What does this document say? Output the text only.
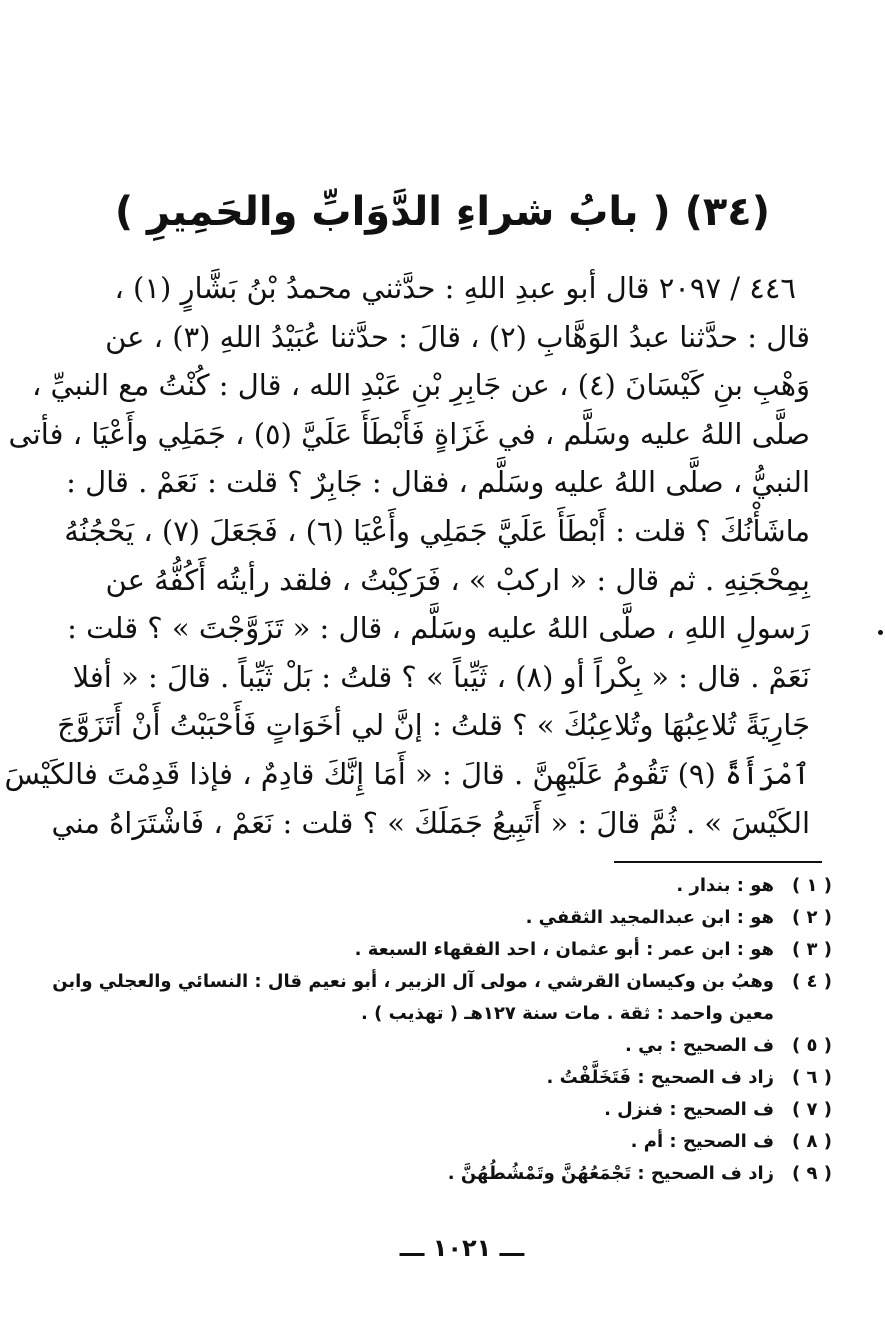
(٣٤) ( بابُ شراءِ الدَّوَابِّ والحَمِيرِ )
٤٤٦ / ٢٠٩٧ قال أبو عبدِ اللهِ : حدَّثني محمدُ بْنُ بَشَّارٍ (١) ،
قال : حدَّثنا عبدُ الوَهَّابِ (٢) ، قالَ : حدَّثنا عُبَيْدُ اللهِ (٣) ، عن
وَهْبِ بنِ كَيْسَانَ (٤) ، عن جَابِرِ بْنِ عَبْدِ الله ، قال : كُنْتُ مع النبيِّ ،
صلَّى اللهُ عليه وسَلَّم ، في غَزَاةٍ فَأَبْطَأَ عَلَيَّ (٥) ، جَمَلِي وأَعْيَا ، فأتى
النبيُّ ، صلَّى اللهُ عليه وسَلَّم ، فقال : جَابِرٌ ؟ قلت : نَعَمْ . قال :
ماشَأْنُكَ ؟ قلت : أَبْطَأَ عَلَيَّ جَمَلِي وأَعْيَا (٦) ، فَجَعَلَ (٧) ، يَحْجُنُهُ
بِمِحْجَنِهِ . ثم قال : « اركبْ » ، فَرَكِبْتُ ، فلقد رأيتُه أَكُفُّهُ عن
رَسولِ اللهِ ، صلَّى اللهُ عليه وسَلَّم ، قال : « تَزَوَّجْتَ » ؟ قلت :
نَعَمْ . قال : « بِكْراً أو (٨) ، ثَيِّباً » ؟ قلتُ : بَلْ ثَيِّباً . قالَ : « أفلا
جَارِيَةً تُلاعِبُهَا وتُلاعِبُكَ » ؟ قلتُ : إنَّ لي أخَوَاتٍ فَأَحْبَبْتُ أَنْ أَتَزَوَّجَ
ٱمْرَأَةً (٩) تَقُومُ عَلَيْهِنَّ . قالَ : « أَمَا إِنَّكَ قادِمٌ ، فإذا قَدِمْتَ فالكَيْسَ
الكَيْسَ » . ثُمَّ قالَ : « أَتَبِيعُ جَمَلَكَ » ؟ قلت : نَعَمْ ، فَاشْتَرَاهُ مني
( ١ )هو : بندار .
( ٢ )هو : ابن عبدالمجيد الثقفي .
( ٣ )هو : ابن عمر : أبو عثمان ، احد الفقهاء السبعة .
( ٤ )وهبُ بن وكيسان القرشي ، مولى آل الزبير ، أبو نعيم قال : النسائي والعجلي وابن
معين واحمد : ثقة . مات سنة ١٢٧هـ ( تهذيب ) .
( ٥ )ف الصحيح : بي .
( ٦ )زاد ف الصحيح : فَتَخَلَّفْتُ .
( ٧ )ف الصحيح : فنزل .
( ٨ )ف الصحيح : أم .
( ٩ )زاد ف الصحيح : تَجْمَعُهُنَّ وتَمْشُطُهُنَّ .
ـــ ١٠٢١ ـــ
